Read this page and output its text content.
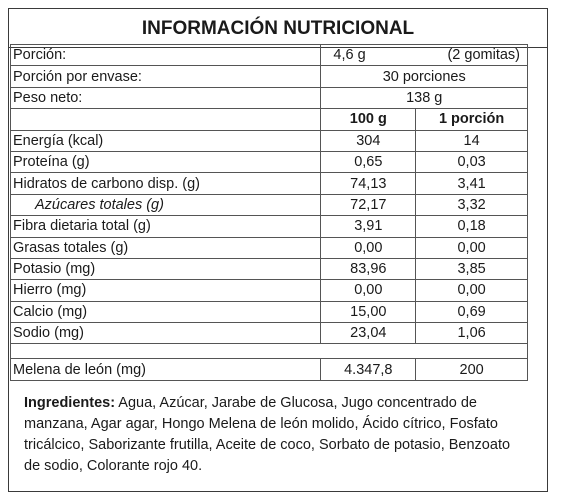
INFORMACIÓN NUTRICIONAL
Porción:	4,6 g (2 gomitas)	

Porción por envase:	30 porciones	
Peso neto:	138 g	
	100 g	1 porción
Energía (kcal)	304	14
Proteína (g)	0,65	0,03
Hidratos de carbono disp. (g)	74,13	3,41
Azúcares totales (g)	72,17	3,32
Fibra dietaria total (g)	3,91	0,18
Grasas totales (g)	0,00	0,00
Potasio (mg)	83,96	3,85
Hierro (mg)	0,00	0,00
Calcio (mg)	15,00	0,69
Sodio (mg)	23,04	1,06

Melena de león (mg)	4.347,8	200
Ingredientes: Agua, Azúcar, Jarabe de Glucosa, Jugo concentrado de manzana, Agar agar, Hongo Melena de león molido, Ácido cítrico, Fosfato tricálcico, Saborizante frutilla, Aceite de coco, Sorbato de potasio, Benzoato de sodio, Colorante rojo 40.
